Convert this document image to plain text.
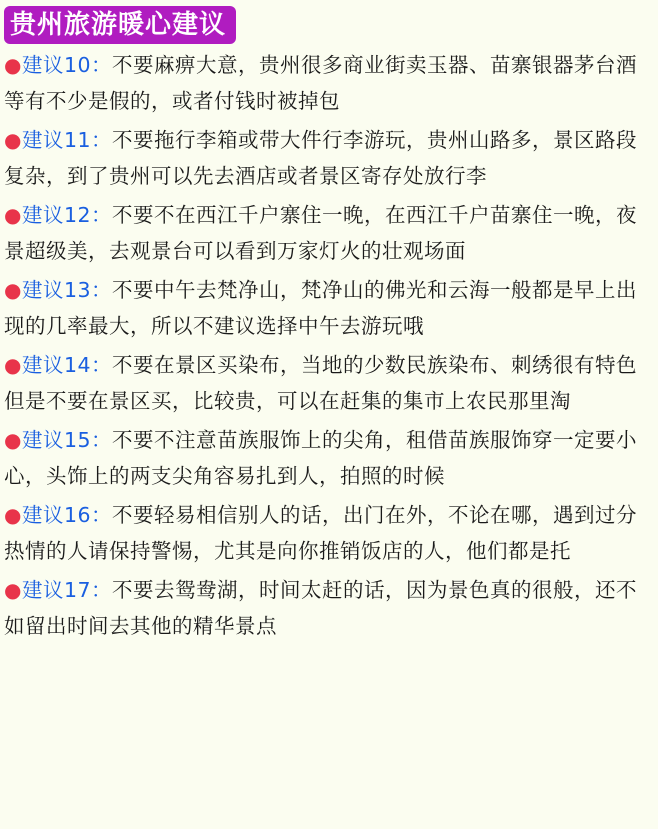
贵州旅游暖心建议
●建议10：不要麻痹大意，贵州很多商业街卖玉器、苗寨银器茅台酒等有不少是假的，或者付钱时被掉包
●建议11：不要拖行李箱或带大件行李游玩，贵州山路多，景区路段复杂，到了贵州可以先去酒店或者景区寄存处放行李
●建议12：不要不在西江千户寨住一晚，在西江千户苗寨住一晚，夜景超级美，去观景台可以看到万家灯火的壮观场面
●建议13：不要中午去梵净山，梵净山的佛光和云海一般都是早上出现的几率最大，所以不建议选择中午去游玩哦
●建议14：不要在景区买染布，当地的少数民族染布、刺绣很有特色但是不要在景区买，比较贵，可以在赶集的集市上农民那里淘
●建议15：不要不注意苗族服饰上的尖角，租借苗族服饰穿一定要小心，头饰上的两支尖角容易扎到人，拍照的时候
●建议16：不要轻易相信别人的话，出门在外，不论在哪，遇到过分热情的人请保持警惕，尤其是向你推销饭店的人，他们都是托
●建议17：不要去鸳鸯湖，时间太赶的话，因为景色真的很般，还不如留出时间去其他的精华景点
